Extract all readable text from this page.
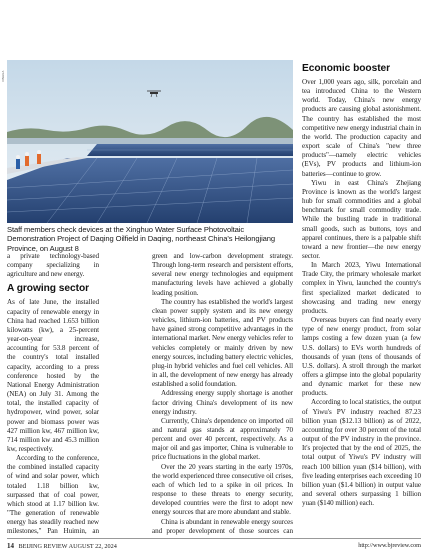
XINHUA
Staff members check devices at the Xinghuo Water Surface Photovoltaic Demonstration Project of Daqing Oilfield in Daqing, northeast China's Heilongjiang Province, on August 8

a private technology-based company specializing in agriculture and new energy.

A growing sector

As of late June, the installed capacity of renewable energy in China had reached 1.653 billion kilowatts (kw), a 25-percent year-on-year increase, accounting for 53.8 percent of the country's total installed capacity, according to a press conference hosted by the National Energy Administration (NEA) on July 31. Among the total, the installed capacity of hydropower, wind power, solar power and biomass power was 427 million kw, 467 million kw, 714 million kw and 45.3 million kw, respectively.

According to the conference, the combined installed capacity of wind and solar power, which totaled 1.18 billion kw, surpassed that of coal power, which stood at 1.17 billion kw. "The generation of renewable energy has steadily reached new milestones," Pan Huimin, an

green and low-carbon development strategy. Through long-term research and persistent efforts, several new energy technologies and equipment manufacturing levels have achieved a globally leading position.

The country has established the world's largest clean power supply system and its new energy vehicles, lithium-ion batteries, and PV products have gained strong competitive advantages in the international market. New energy vehicles refer to vehicles completely or mainly driven by new energy sources, including battery electric vehicles, plug-in hybrid vehicles and fuel cell vehicles. All in all, the development of new energy has already established a solid foundation.

Addressing energy supply shortage is another factor driving China's development of its new energy industry.

Currently, China's dependence on imported oil and natural gas stands at approximately 70 percent and over 40 percent, respectively. As a major oil and gas importer, China is vulnerable to price fluctuations in the global market.

Over the 20 years starting in the early 1970s, the world experienced three consecutive oil crises, each of which led to a spike in oil prices. In response to these threats to energy security, developed countries were the first to adopt new energy sources that are more abundant and stable.

China is abundant in renewable energy sources and proper development of those sources can

Economic booster

Over 1,000 years ago, silk, porcelain and tea introduced China to the Western world. Today, China's new energy products are causing global astonishment. The country has established the most competitive new energy industrial chain in the world. The production capacity and export scale of China's "new three products"—namely electric vehicles (EVs), PV products and lithium-ion batteries—continue to grow.

Yiwu in east China's Zhejiang Province is known as the world's largest hub for small commodities and a global benchmark for small commodity trade. While the bustling trade in traditional small goods, such as buttons, toys and apparel continues, there is a palpable shift toward a new frontier—the new energy sector.

In March 2023, Yiwu International Trade City, the primary wholesale market complex in Yiwu, launched the country's first specialized market dedicated to showcasing and trading new energy products.

Overseas buyers can find nearly every type of new energy product, from solar lamps costing a few dozen yuan (a few U.S. dollars) to EVs worth hundreds of thousands of yuan (tens of thousands of U.S. dollars). A stroll through the market offers a glimpse into the global popularity and dynamic market for these new products.

According to local statistics, the output of Yiwu's PV industry reached 87.23 billion yuan ($12.13 billion) as of 2022, accounting for over 30 percent of the total output of the PV industry in the province. It's projected that by the end of 2025, the total output of Yiwu's PV industry will reach 100 billion yuan ($14 billion), with five leading enterprises each exceeding 10 billion yuan ($1.4 billion) in output value and several others surpassing 1 billion yuan ($140 million) each.

14 BEIJING REVIEW AUGUST 22, 2024	http://www.bjreview.com
